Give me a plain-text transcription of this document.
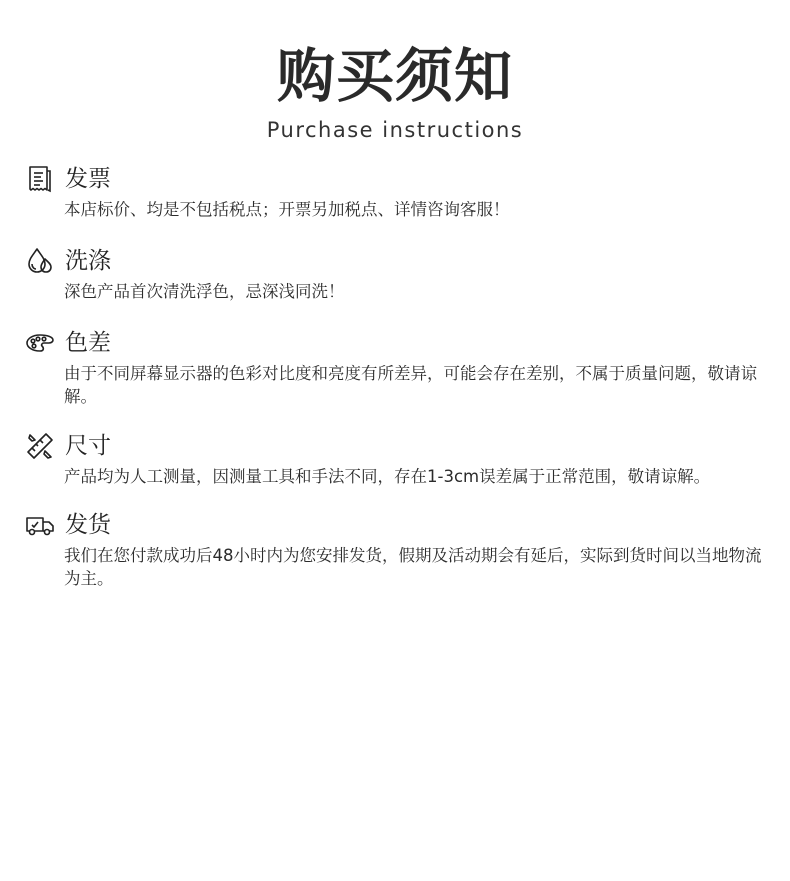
购买须知
Purchase instructions
发票
本店标价、均是不包括税点；开票另加税点、详情咨询客服！
洗涤
深色产品首次清洗浮色，忌深浅同洗！
色差
由于不同屏幕显示器的色彩对比度和亮度有所差异，可能会存在差别，不属于质量问题，敬请谅解。
尺寸
产品均为人工测量，因测量工具和手法不同，存在1-3cm误差属于正常范围，敬请谅解。
发货
我们在您付款成功后48小时内为您安排发货，假期及活动期会有延后，实际到货时间以当地物流为主。
